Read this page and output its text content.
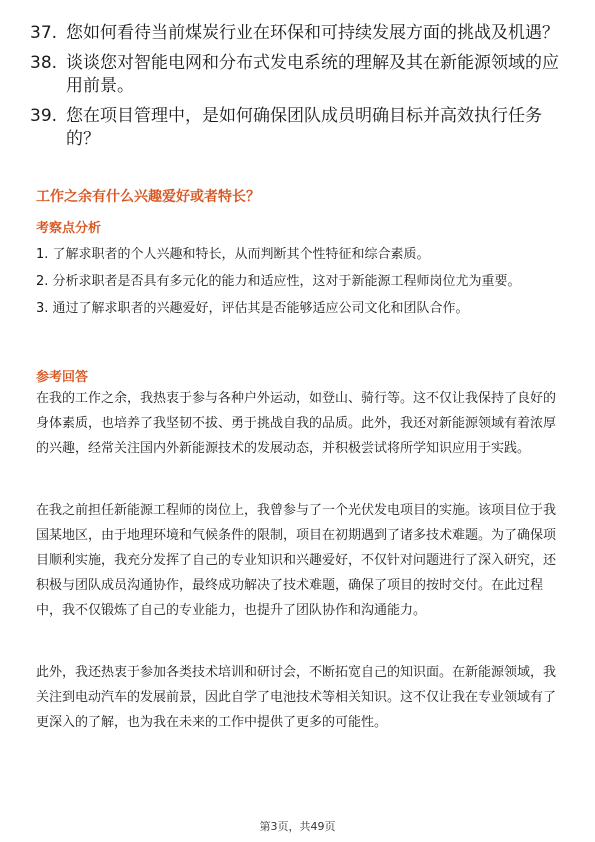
37. 您如何看待当前煤炭行业在环保和可持续发展方面的挑战及机遇？
38. 谈谈您对智能电网和分布式发电系统的理解及其在新能源领域的应用前景。
39. 您在项目管理中，是如何确保团队成员明确目标并高效执行任务的？
工作之余有什么兴趣爱好或者特长？
考察点分析

1. 了解求职者的个人兴趣和特长，从而判断其个性特征和综合素质。

2. 分析求职者是否具有多元化的能力和适应性，这对于新能源工程师岗位尤为重要。

3. 通过了解求职者的兴趣爱好，评估其是否能够适应公司文化和团队合作。

参考回答

在我的工作之余，我热衷于参与各种户外运动，如登山、骑行等。这不仅让我保持了良好的身体素质，也培养了我坚韧不拔、勇于挑战自我的品质。此外，我还对新能源领域有着浓厚的兴趣，经常关注国内外新能源技术的发展动态，并积极尝试将所学知识应用于实践。

在我之前担任新能源工程师的岗位上，我曾参与了一个光伏发电项目的实施。该项目位于我国某地区，由于地理环境和气候条件的限制，项目在初期遇到了诸多技术难题。为了确保项目顺利实施，我充分发挥了自己的专业知识和兴趣爱好，不仅针对问题进行了深入研究，还积极与团队成员沟通协作，最终成功解决了技术难题，确保了项目的按时交付。在此过程中，我不仅锻炼了自己的专业能力，也提升了团队协作和沟通能力。

此外，我还热衷于参加各类技术培训和研讨会，不断拓宽自己的知识面。在新能源领域，我关注到电动汽车的发展前景，因此自学了电池技术等相关知识。这不仅让我在专业领域有了更深入的了解，也为我在未来的工作中提供了更多的可能性。

第3页，共49页
